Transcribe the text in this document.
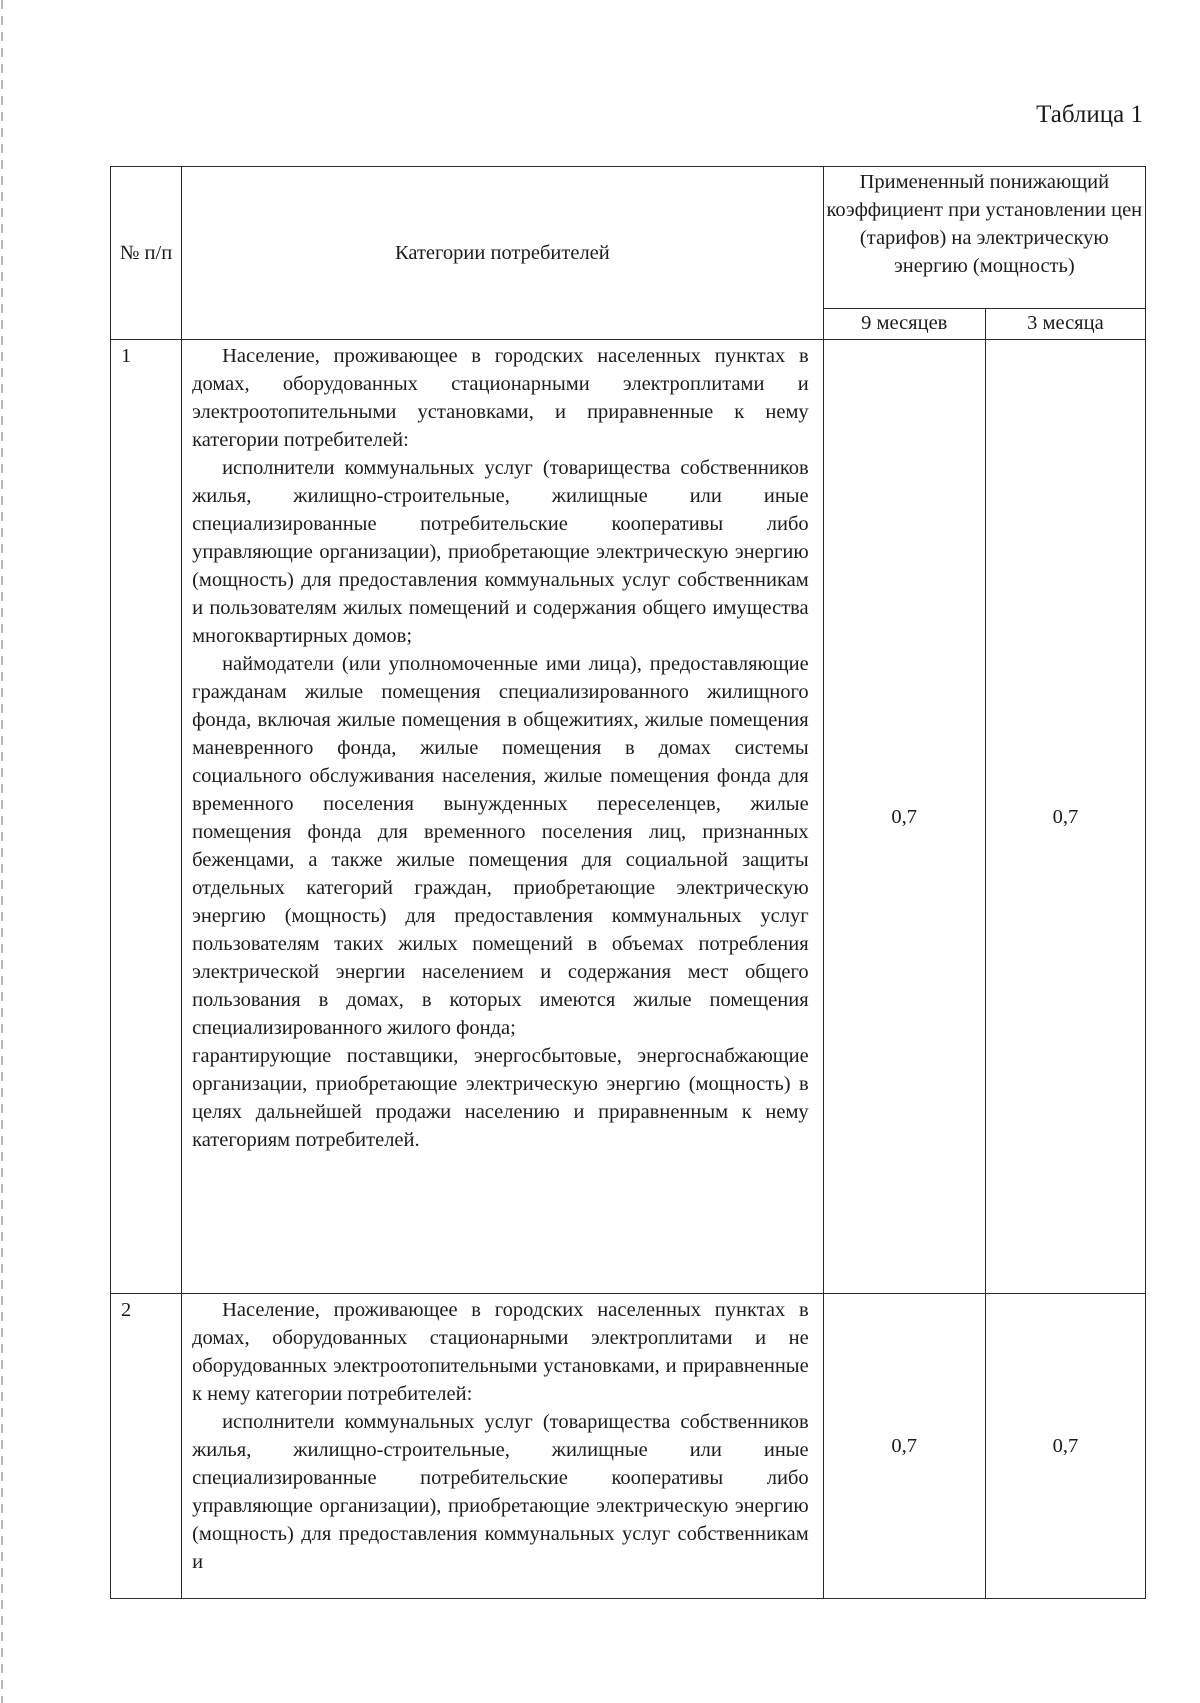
Таблица 1
№ п/п	Категории потребителей	Примененный понижающий коэффициент при установлении цен (тарифов) на электрическую энергию (мощность)	
		9 месяцев	3 месяца
1	Население, проживающее в городских населенных пунктах в домах, оборудованных стационарными электроплитами и электроотопительными установками, и приравненные к нему категории потребителей:

исполнители коммунальных услуг (товарищества собственников жилья, жилищно-строительные, жилищные или иные специализированные потребительские кооперативы либо управляющие организации), приобретающие электрическую энергию (мощность) для предоставления коммунальных услуг собственникам и пользователям жилых помещений и содержания общего имущества многоквартирных домов;

наймодатели (или уполномоченные ими лица), предоставляющие гражданам жилые помещения специализированного жилищного фонда, включая жилые помещения в общежитиях, жилые помещения маневренного фонда, жилые помещения в домах системы социального обслуживания населения, жилые помещения фонда для временного поселения вынужденных переселенцев, жилые помещения фонда для временного поселения лиц, признанных беженцами, а также жилые помещения для социальной защиты отдельных категорий граждан, приобретающие электрическую энергию (мощность) для предоставления коммунальных услуг пользователям таких жилых помещений в объемах потребления электрической энергии населением и содержания мест общего пользования в домах, в которых имеются жилые помещения специализированного жилого фонда;

гарантирующие поставщики, энергосбытовые, энергоснабжающие организации, приобретающие электрическую энергию (мощность) в целях дальнейшей продажи населению и приравненным к нему категориям потребителей.	0,7	0,7
2	Население, проживающее в городских населенных пунктах в домах, оборудованных стационарными электроплитами и не оборудованных электроотопительными установками, и приравненные к нему категории потребителей:

исполнители коммунальных услуг (товарищества собственников жилья, жилищно-строительные, жилищные или иные специализированные потребительские кооперативы либо управляющие организации), приобретающие электрическую энергию (мощность) для предоставления коммунальных услуг собственникам и	0,7	0,7
